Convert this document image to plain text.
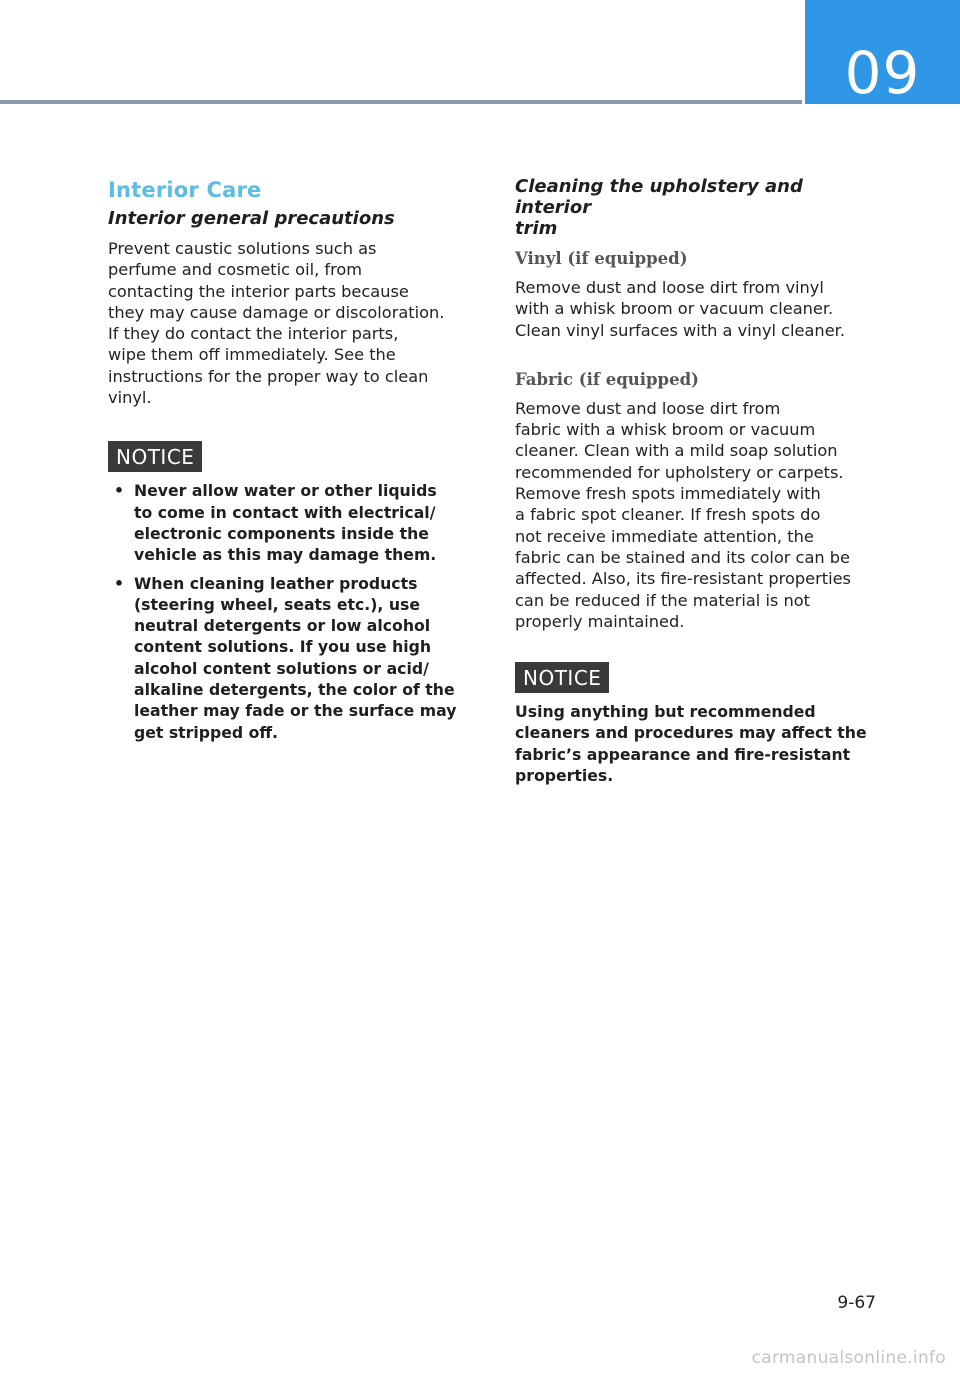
09
Interior Care
Interior general precautions
Prevent caustic solutions such as
perfume and cosmetic oil, from
contacting the interior parts because
they may cause damage or discoloration.
If they do contact the interior parts,
wipe them off immediately. See the
instructions for the proper way to clean
vinyl.
NOTICE
• Never allow water or other liquids
to come in contact with electrical/
electronic components inside the
vehicle as this may damage them.
• When cleaning leather products
(steering wheel, seats etc.), use
neutral detergents or low alcohol
content solutions. If you use high
alcohol content solutions or acid/
alkaline detergents, the color of the
leather may fade or the surface may
get stripped off.
Cleaning the upholstery and interior
trim
Vinyl (if equipped)
Remove dust and loose dirt from vinyl
with a whisk broom or vacuum cleaner.
Clean vinyl surfaces with a vinyl cleaner.
Fabric (if equipped)
Remove dust and loose dirt from
fabric with a whisk broom or vacuum
cleaner. Clean with a mild soap solution
recommended for upholstery or carpets.
Remove fresh spots immediately with
a fabric spot cleaner. If fresh spots do
not receive immediate attention, the
fabric can be stained and its color can be
affected. Also, its fire-resistant properties
can be reduced if the material is not
properly maintained.
NOTICE
Using anything but recommended
cleaners and procedures may affect the
fabric’s appearance and fire-resistant
properties.
9-67
carmanualsonline.info
